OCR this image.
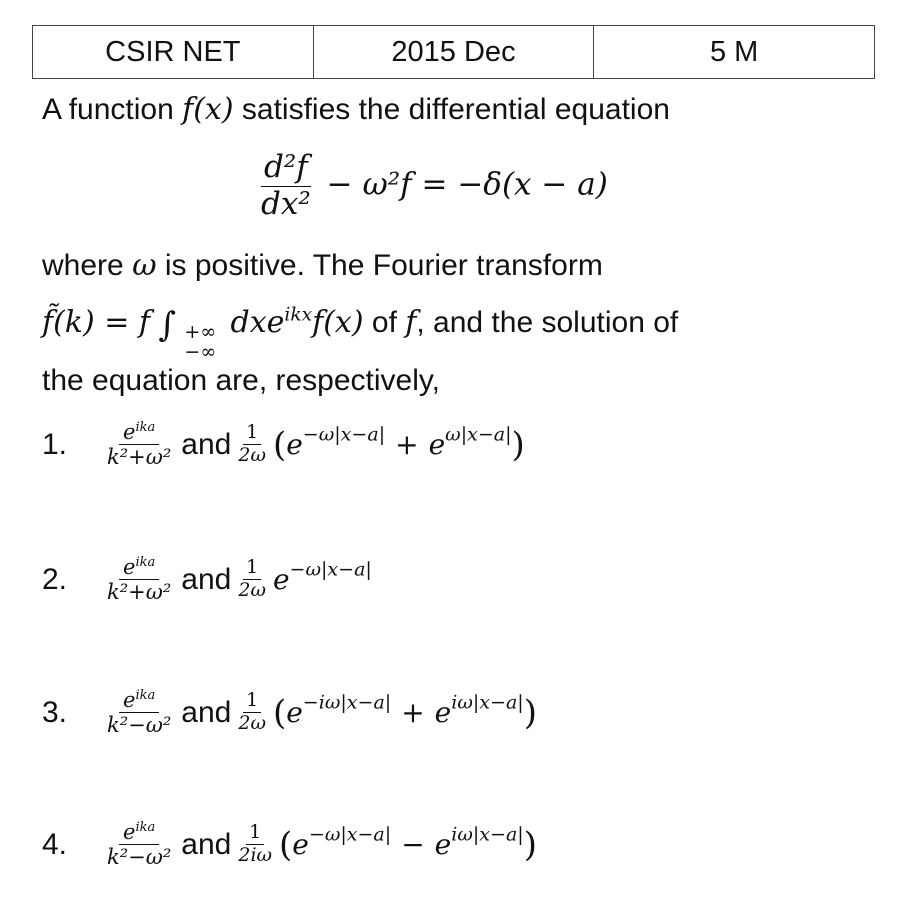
CSIR NET	2015 Dec	5 M
A function f(x) satisfies the differential equation
$\frac{\text{d²f}}{\text{dx²}} - \omega^2f = -\delta(x - a)$
where ω is positive. The Fourier transform
f̃(k) = f ∫ +∞
−∞
dxe$^{ikx}$f(x) of f, and the solution of
the equation are, respectively,
1.	$\frac{e^{ika}}{\text{k²+ω²}}$ and $\frac{1}{2\omega}$ ( $e^{-\omega|x-a|} + e^{\omega|x-a|}$ )
2.	$\frac{e^{ika}}{\text{k²+ω²}}$ and $\frac{1}{2\omega} e^{-\omega|x-a|}$
3.	$\frac{e^{ika}}{\text{k²−ω²}}$ and $\frac{1}{2\omega}$ ( $e^{-i\omega|x-a|} + e^{i\omega|x-a|}$ )
4.	$\frac{e^{ika}}{\text{k²−ω²}}$ and $\frac{1}{2i\omega}$ ( $e^{-\omega|x-a|} - e^{i\omega|x-a|}$ )
